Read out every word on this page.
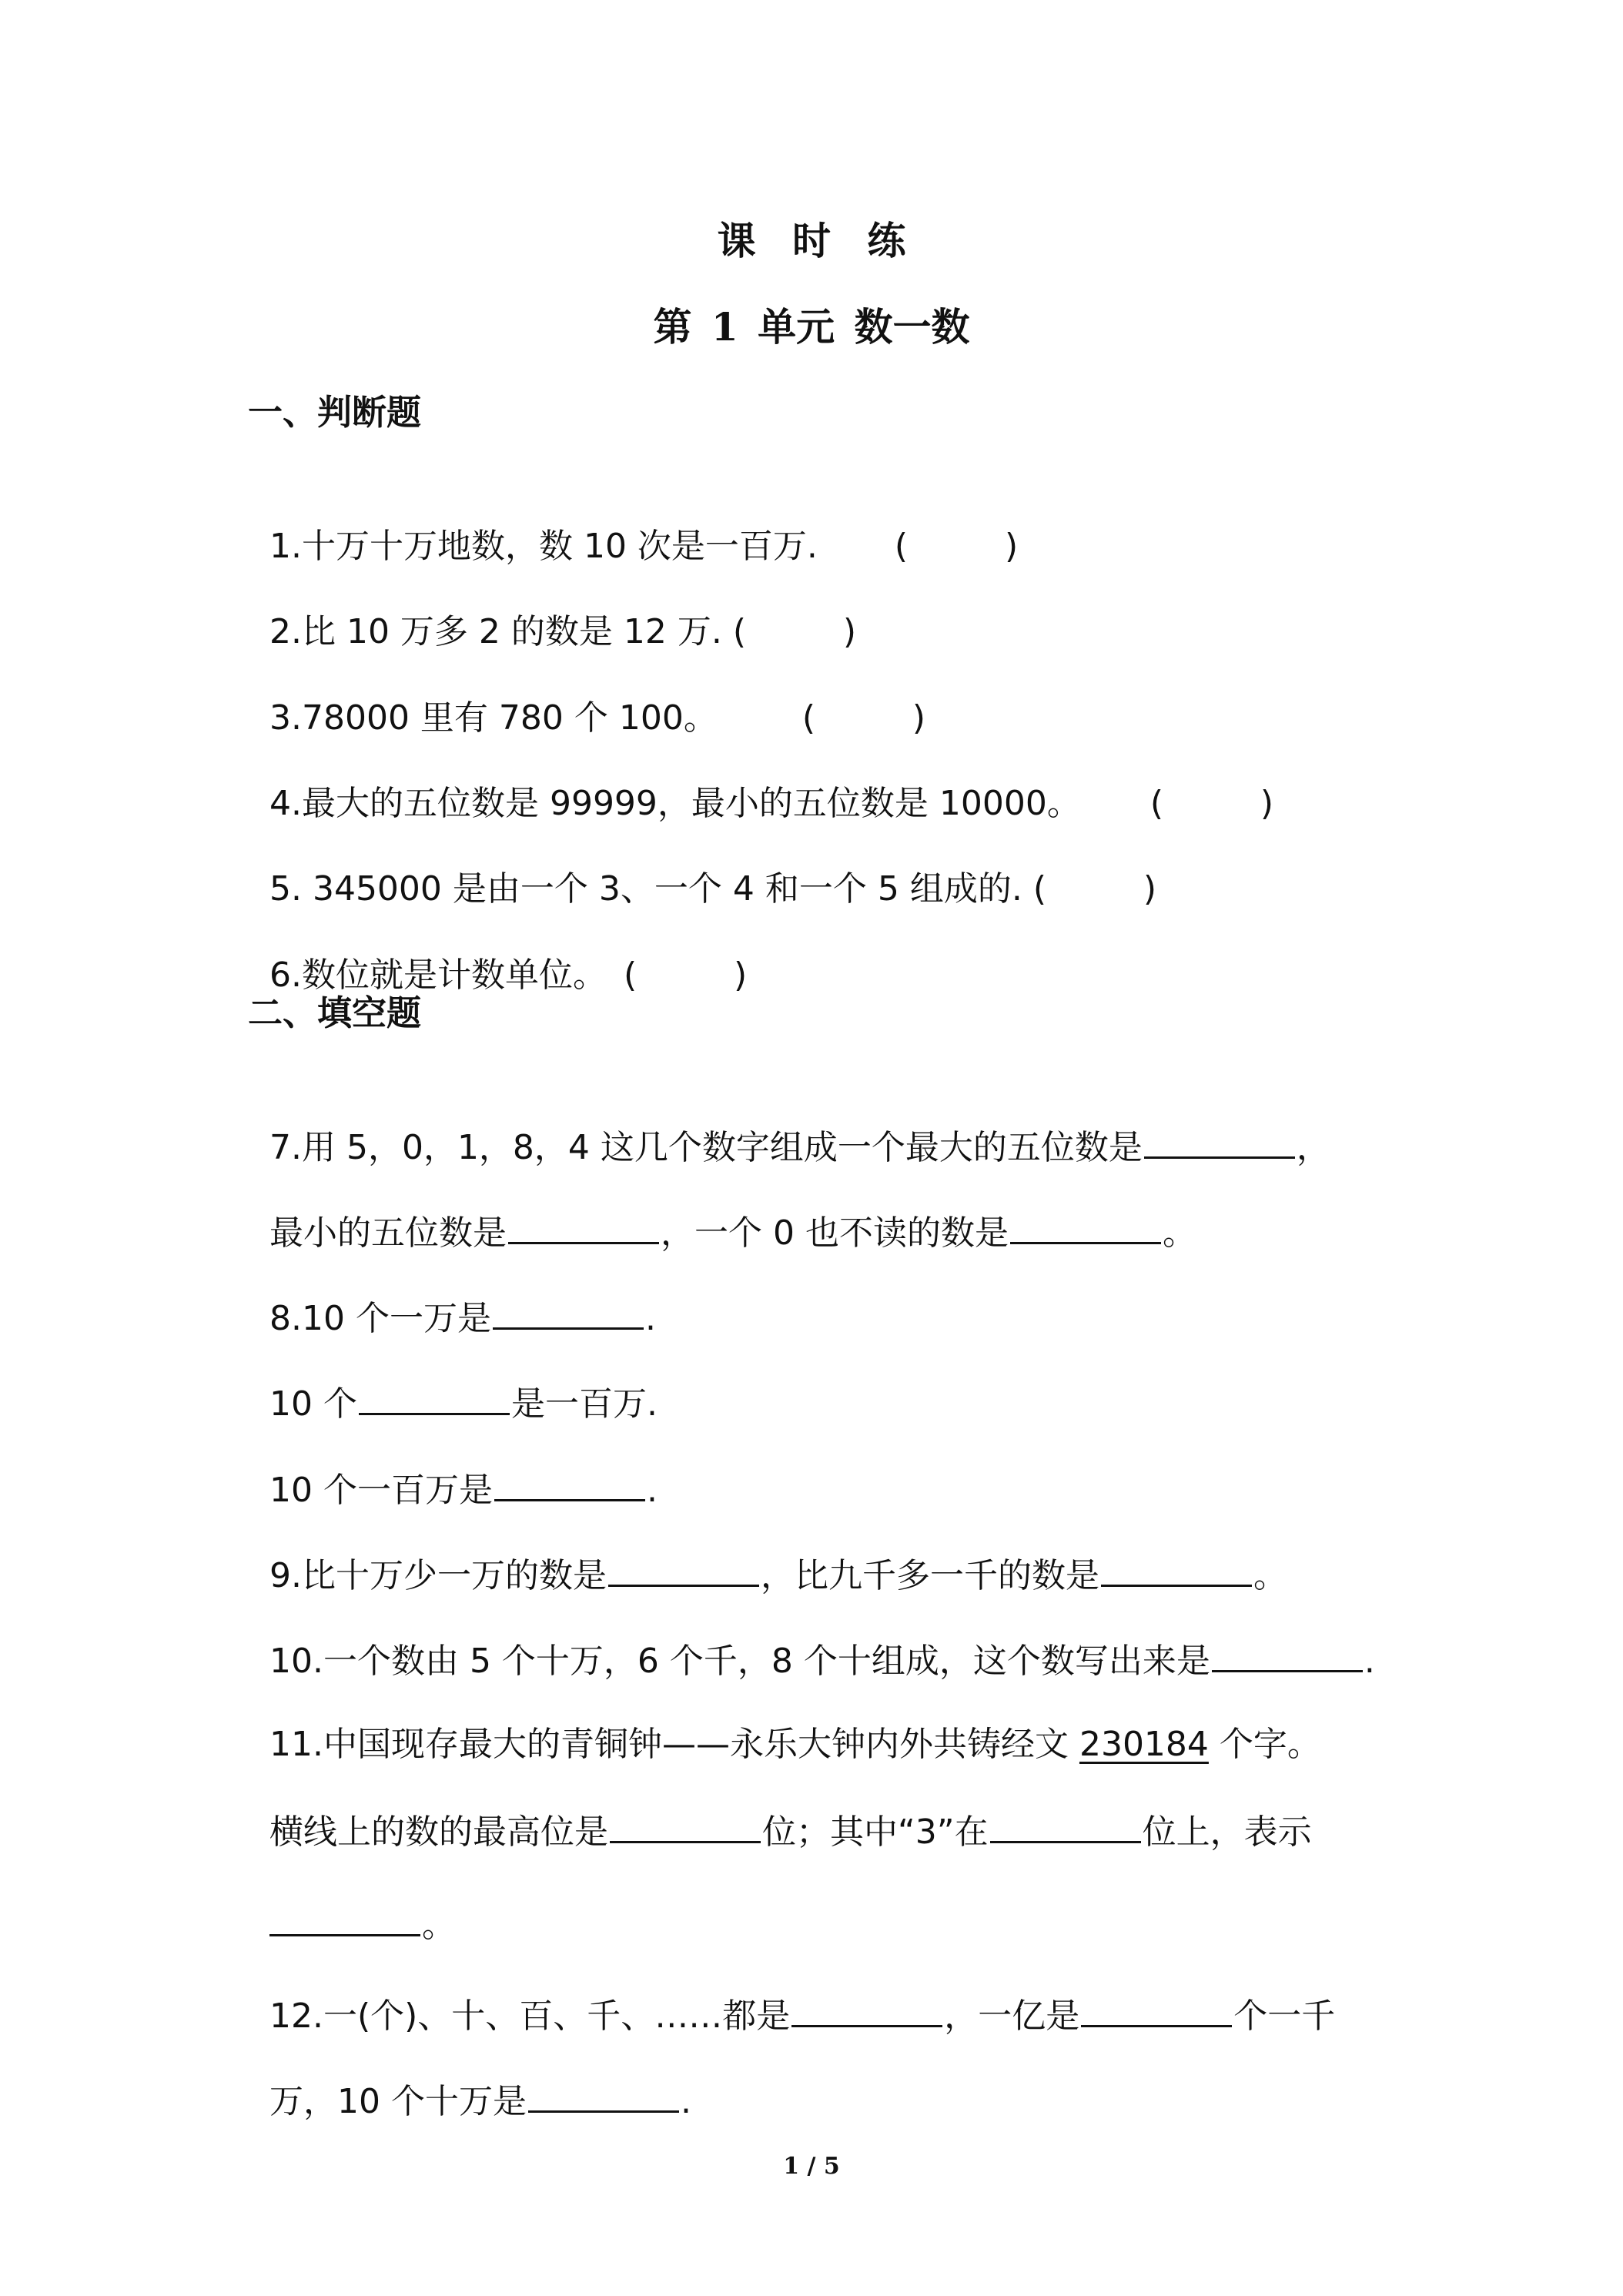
课 时 练
第 1 单元 数一数
一、判断题

1.十万十万地数，数 10 次是一百万. (         )

2.比 10 万多 2 的数是 12 万. (         )

3.78000 里有 780 个 100。	(         )

4.最大的五位数是 99999，最小的五位数是 10000。 (         )

5. 345000 是由一个 3、一个 4 和一个 5 组成的. (         )

6.数位就是计数单位。 (         )

二、填空题

7.用 5，0，1，8，4 这几个数字组成一个最大的五位数是	，

最小的五位数是	，一个 0 也不读的数是	。

8.10 个一万是	.

10 个	是一百万.

10 个一百万是	.

9.比十万少一万的数是	，比九千多一千的数是	。

10.一个数由 5 个十万，6 个千，8 个十组成，这个数写出来是	.

11.中国现存最大的青铜钟——永乐大钟内外共铸经文 230184 个字。

横线上的数的最高位是	位；其中“3”在	位上，表示

。

12.一(个)、十、百、千、……都是	，一亿是	个一千

万，10 个十万是	.

1 / 5
